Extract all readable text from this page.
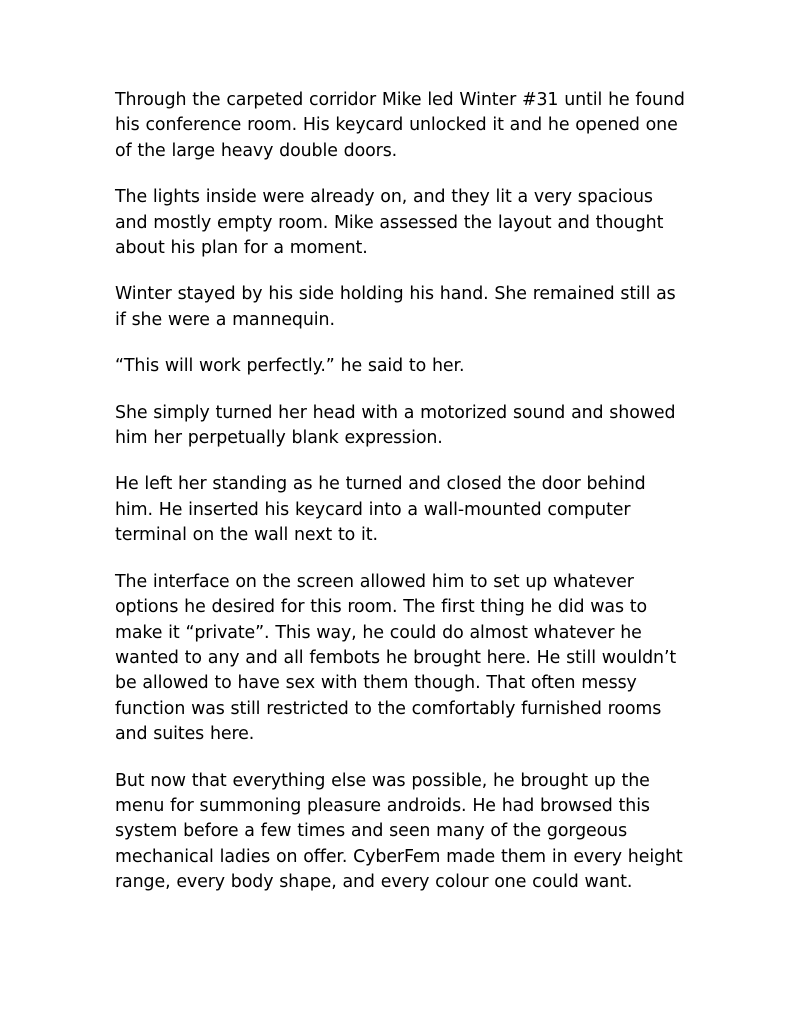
Through the carpeted corridor Mike led Winter #31 until he found his conference room. His keycard unlocked it and he opened one of the large heavy double doors.

The lights inside were already on, and they lit a very spacious and mostly empty room. Mike assessed the layout and thought about his plan for a moment.

Winter stayed by his side holding his hand. She remained still as if she were a mannequin.

“This will work perfectly.” he said to her.

She simply turned her head with a motorized sound and showed him her perpetually blank expression.

He left her standing as he turned and closed the door behind him. He inserted his keycard into a wall-mounted computer terminal on the wall next to it.

The interface on the screen allowed him to set up whatever options he desired for this room. The first thing he did was to make it “private”. This way, he could do almost whatever he wanted to any and all fembots he brought here. He still wouldn’t be allowed to have sex with them though. That often messy function was still restricted to the comfortably furnished rooms and suites here.

But now that everything else was possible, he brought up the menu for summoning pleasure androids. He had browsed this system before a few times and seen many of the gorgeous mechanical ladies on offer. CyberFem made them in every height range, every body shape, and every colour one could want.
